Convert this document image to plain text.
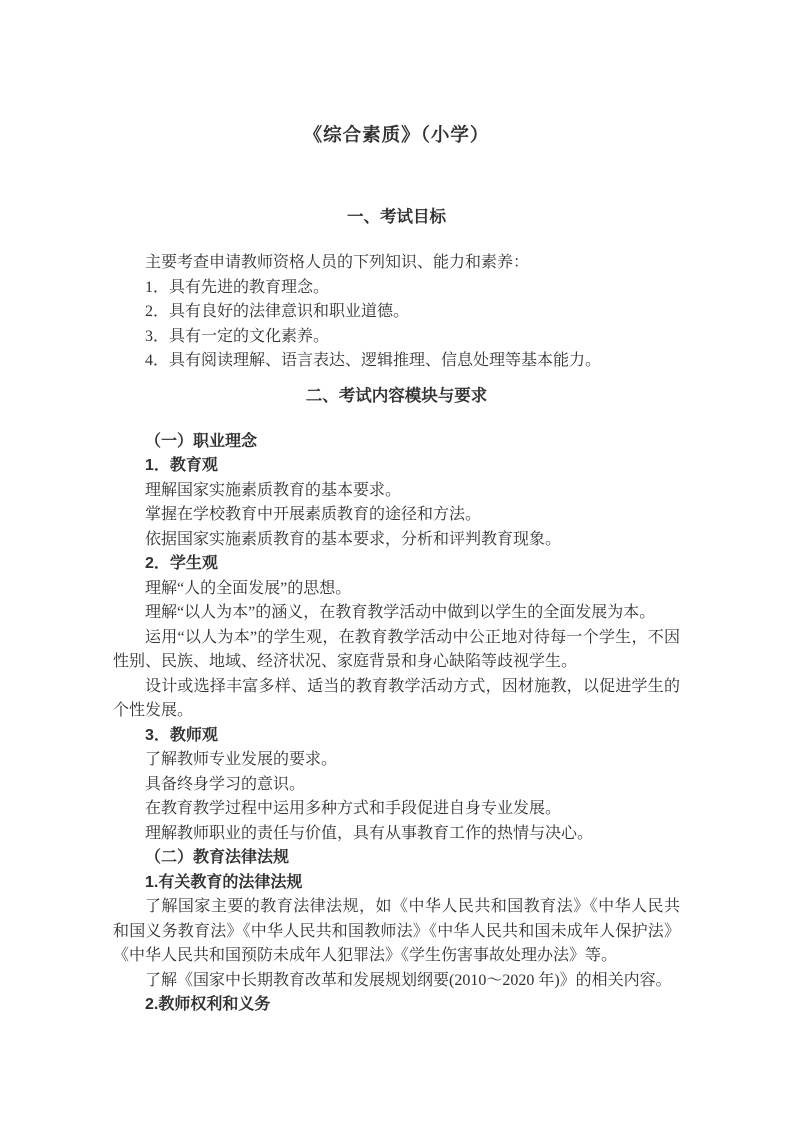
《综合素质》（小学）
一、考试目标
主要考查申请教师资格人员的下列知识、能力和素养：
1．具有先进的教育理念。
2．具有良好的法律意识和职业道德。
3．具有一定的文化素养。
4．具有阅读理解、语言表达、逻辑推理、信息处理等基本能力。
二、考试内容模块与要求
（一）职业理念
1．教育观
理解国家实施素质教育的基本要求。
掌握在学校教育中开展素质教育的途径和方法。
依据国家实施素质教育的基本要求，分析和评判教育现象。
2．学生观
理解“人的全面发展”的思想。
理解“以人为本”的涵义，在教育教学活动中做到以学生的全面发展为本。
运用“以人为本”的学生观，在教育教学活动中公正地对待每一个学生，不因性别、民族、地域、经济状况、家庭背景和身心缺陷等歧视学生。
设计或选择丰富多样、适当的教育教学活动方式，因材施教，以促进学生的个性发展。
3．教师观
了解教师专业发展的要求。
具备终身学习的意识。
在教育教学过程中运用多种方式和手段促进自身专业发展。
理解教师职业的责任与价值，具有从事教育工作的热情与决心。
（二）教育法律法规
1.有关教育的法律法规
了解国家主要的教育法律法规，如《中华人民共和国教育法》《中华人民共和国义务教育法》《中华人民共和国教师法》《中华人民共和国未成年人保护法》《中华人民共和国预防未成年人犯罪法》《学生伤害事故处理办法》等。
了解《国家中长期教育改革和发展规划纲要(2010～2020 年)》的相关内容。
2.教师权利和义务
